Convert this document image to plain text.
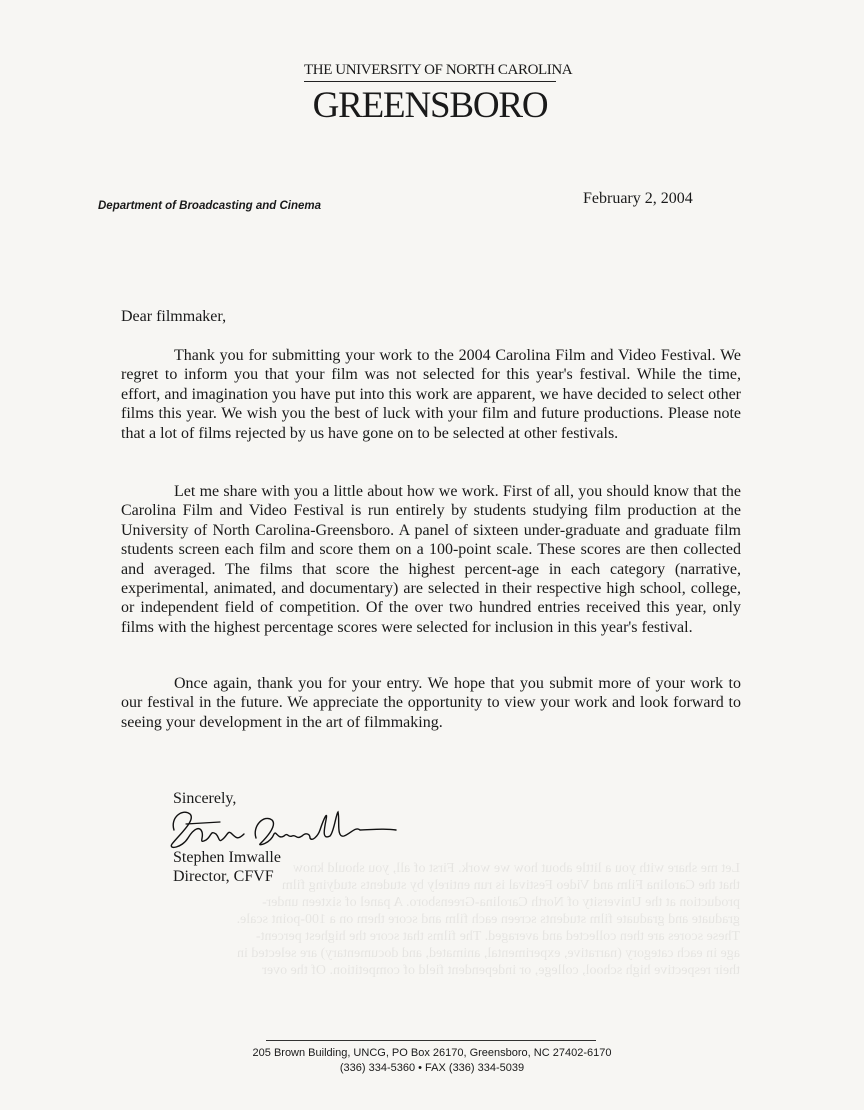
THE UNIVERSITY OF NORTH CAROLINA
GREENSBORO
Department of Broadcasting and Cinema	February 2, 2004
Dear filmmaker,

Thank you for submitting your work to the 2004 Carolina Film and Video Festival. We regret to inform you that your film was not selected for this year's festival. While the time, effort, and imagination you have put into this work are apparent, we have decided to select other films this year. We wish you the best of luck with your film and future productions. Please note that a lot of films rejected by us have gone on to be selected at other festivals.

Let me share with you a little about how we work. First of all, you should know that the Carolina Film and Video Festival is run entirely by students studying film production at the University of North Carolina-Greensboro. A panel of sixteen under-graduate and graduate film students screen each film and score them on a 100-point scale. These scores are then collected and averaged. The films that score the highest percent-age in each category (narrative, experimental, animated, and documentary) are selected in their respective high school, college, or independent field of competition. Of the over two hundred entries received this year, only films with the highest percentage scores were selected for inclusion in this year's festival.

Once again, thank you for your entry. We hope that you submit more of your work to our festival in the future. We appreciate the opportunity to view your work and look forward to seeing your development in the art of filmmaking.

Let me share with you a little about how we work. First of all, you should know
that the Carolina Film and Video Festival is run entirely by students studying film
production at the University of North Carolina-Greensboro. A panel of sixteen under-
graduate and graduate film students screen each film and score them on a 100-point scale.
These scores are then collected and averaged. The films that score the highest percent-
age in each category (narrative, experimental, animated, and documentary) are selected in
their respective high school, college, or independent field of competition. Of the over
Sincerely,
Stephen Imwalle
Director, CFVF
205 Brown Building, UNCG, PO Box 26170, Greensboro, NC 27402-6170
(336) 334-5360 • FAX (336) 334-5039
